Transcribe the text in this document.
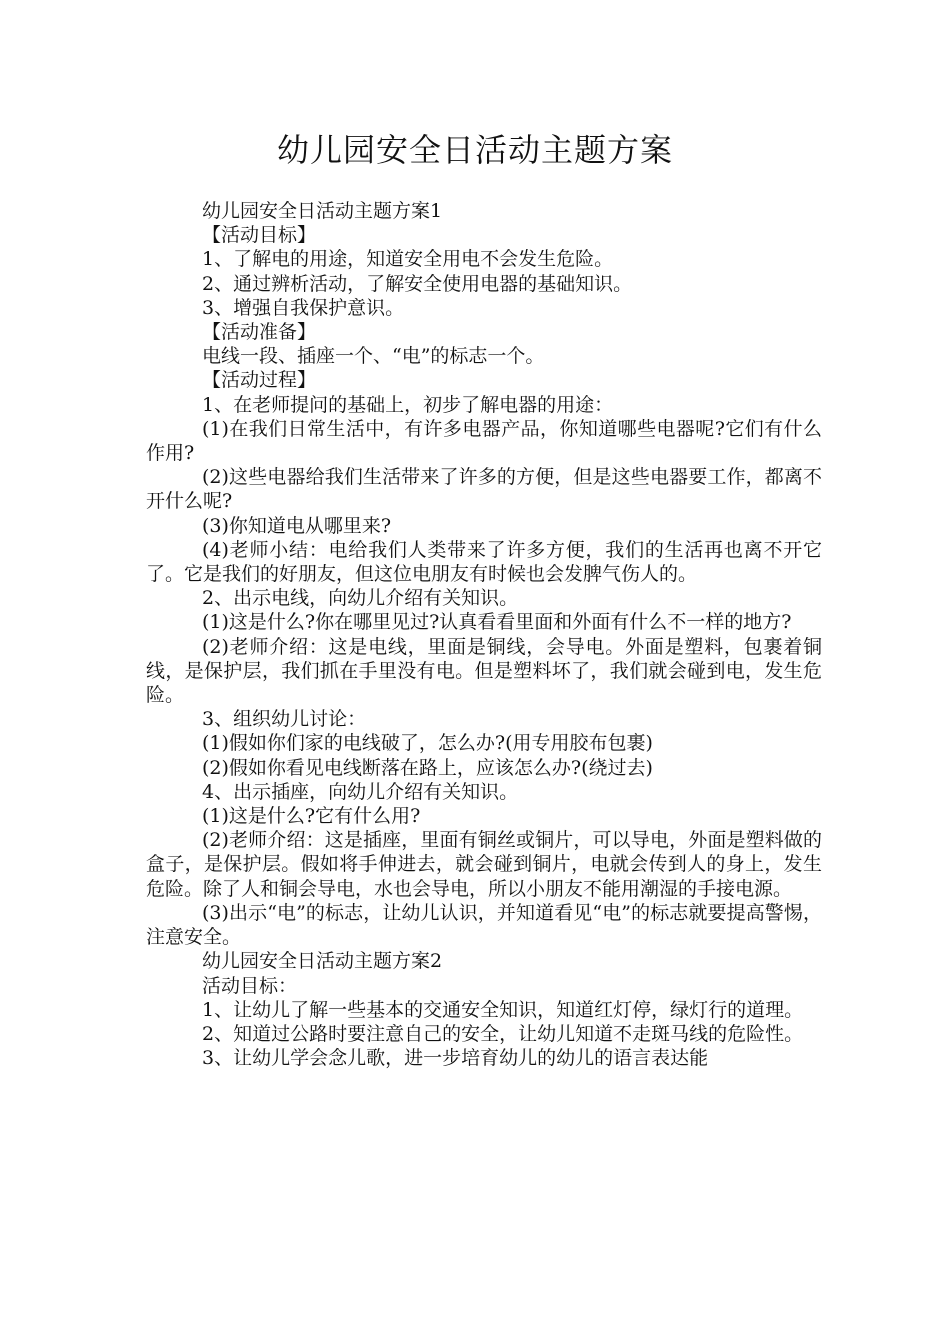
幼儿园安全日活动主题方案

幼儿园安全日活动主题方案1

【活动目标】

1、了解电的用途，知道安全用电不会发生危险。

2、通过辨析活动，了解安全使用电器的基础知识。

3、增强自我保护意识。

【活动准备】

电线一段、插座一个、“电”的标志一个。

【活动过程】

1、在老师提问的基础上，初步了解电器的用途：

(1)在我们日常生活中，有许多电器产品，你知道哪些电器呢?它们有什么作用?

(2)这些电器给我们生活带来了许多的方便，但是这些电器要工作，都离不开什么呢?

(3)你知道电从哪里来?

(4)老师小结：电给我们人类带来了许多方便，我们的生活再也离不开它了。它是我们的好朋友，但这位电朋友有时候也会发脾气伤人的。

2、出示电线，向幼儿介绍有关知识。

(1)这是什么?你在哪里见过?认真看看里面和外面有什么不一样的地方?

(2)老师介绍：这是电线，里面是铜线，会导电。外面是塑料，包裹着铜线，是保护层，我们抓在手里没有电。但是塑料坏了，我们就会碰到电，发生危险。

3、组织幼儿讨论：

(1)假如你们家的电线破了，怎么办?(用专用胶布包裹)

(2)假如你看见电线断落在路上，应该怎么办?(绕过去)

4、出示插座，向幼儿介绍有关知识。

(1)这是什么?它有什么用?

(2)老师介绍：这是插座，里面有铜丝或铜片，可以导电，外面是塑料做的盒子，是保护层。假如将手伸进去，就会碰到铜片，电就会传到人的身上，发生危险。除了人和铜会导电，水也会导电，所以小朋友不能用潮湿的手接电源。

(3)出示“电”的标志，让幼儿认识，并知道看见“电”的标志就要提高警惕，注意安全。

幼儿园安全日活动主题方案2

活动目标：

1、让幼儿了解一些基本的交通安全知识，知道红灯停，绿灯行的道理。

2、知道过公路时要注意自己的安全，让幼儿知道不走斑马线的危险性。

3、让幼儿学会念儿歌，进一步培育幼儿的幼儿的语言表达能
